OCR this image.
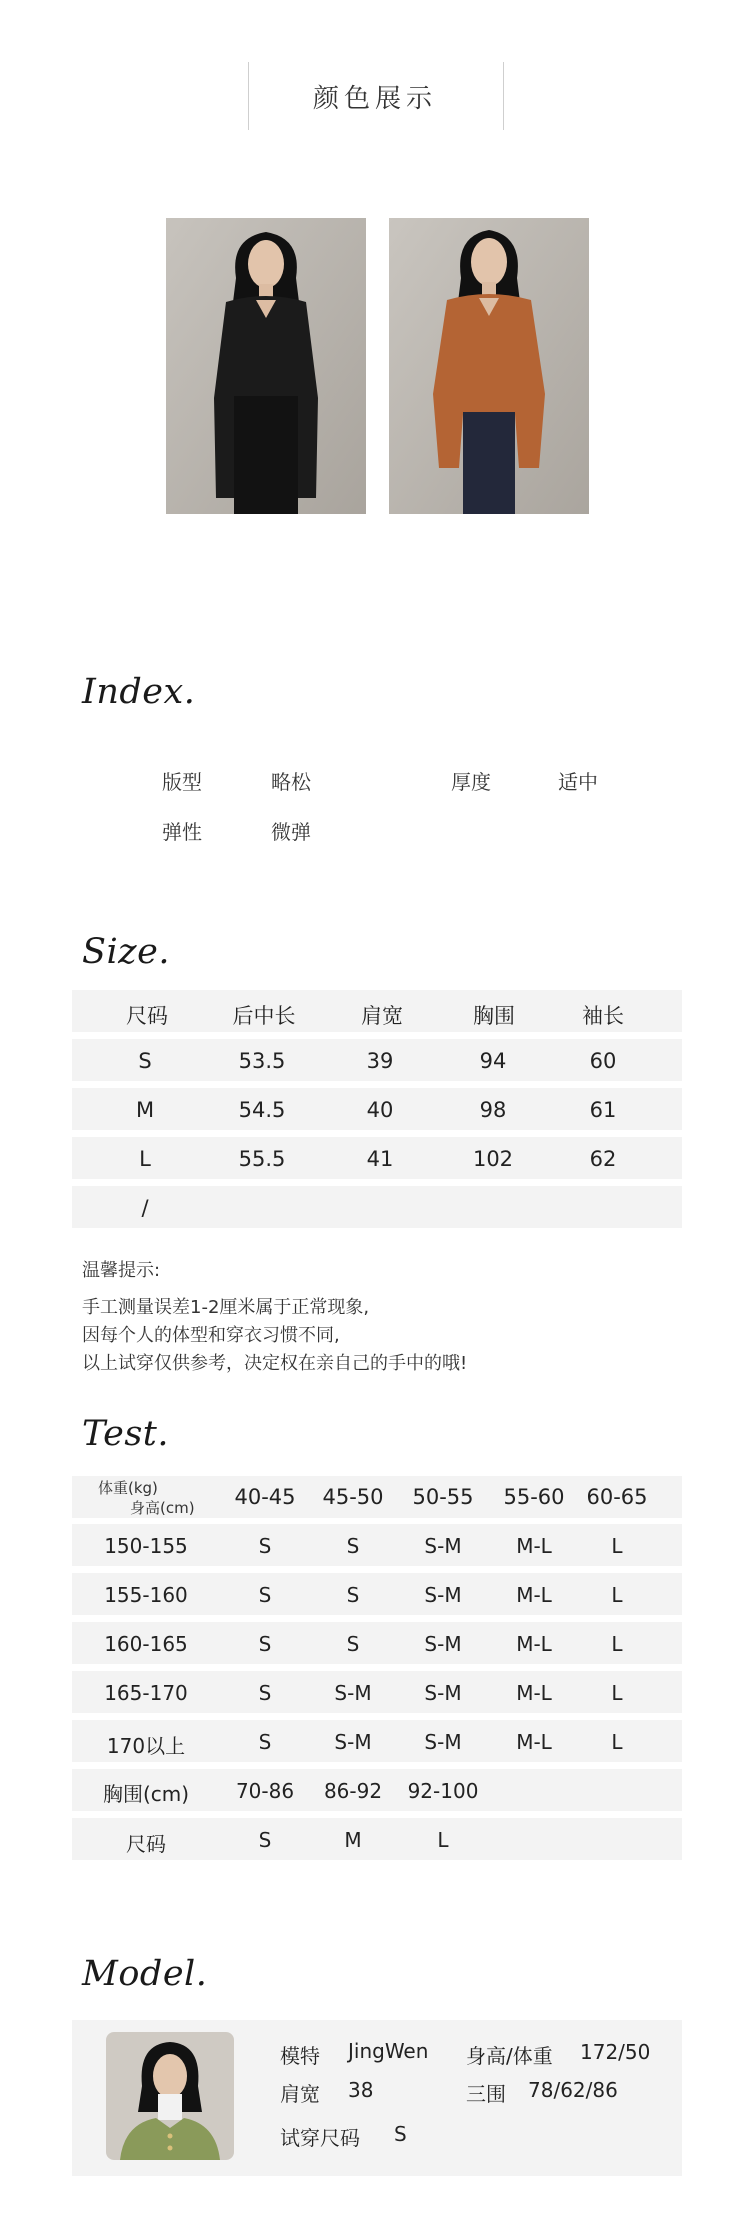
颜色展示
Index.
版型	略松	厚度	适中
弹性	微弹
Size.
尺码	后中长	肩宽	胸围	袖长
S	53.5	39	94	60
M	54.5	40	98	61
L	55.5	41	102	62
/
温馨提示:
手工测量误差1-2厘米属于正常现象,
因每个人的体型和穿衣习惯不同,
以上试穿仅供参考，决定权在亲自己的手中的哦!
Test.
体重(kg)
身高(cm) 40-45 45-50 50-55 55-60 60-65
150-155	S	S	S-M	M-L	L
155-160	S	S	S-M	M-L	L
160-165	S	S	S-M	M-L	L
165-170	S	S-M	S-M	M-L	L
170以上	S	S-M	S-M	M-L	L
胸围(cm) 70-86 86-92 92-100
尺码	S	M	L
Model.
模特 JingWen 身高/体重 172/50
肩宽 38	三围 78/62/86
试穿尺码 S
